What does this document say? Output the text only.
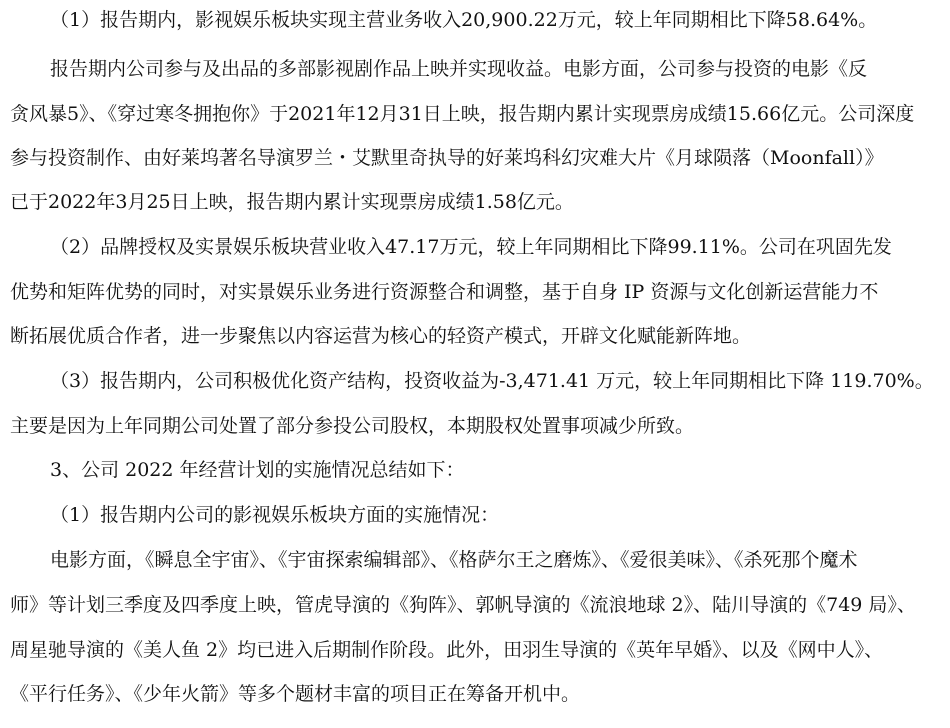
（1）报告期内，影视娱乐板块实现主营业务收入20,900.22万元，较上年同期相比下降58.64%。
报告期内公司参与及出品的多部影视剧作品上映并实现收益。电影方面，公司参与投资的电影《反
贪风暴5》、《穿过寒冬拥抱你》于2021年12月31日上映，报告期内累计实现票房成绩15.66亿元。公司深度
参与投资制作、由好莱坞著名导演罗兰・艾默里奇执导的好莱坞科幻灾难大片《月球陨落（Moonfall）》
已于2022年3月25日上映，报告期内累计实现票房成绩1.58亿元。
（2）品牌授权及实景娱乐板块营业收入47.17万元，较上年同期相比下降99.11%。公司在巩固先发
优势和矩阵优势的同时，对实景娱乐业务进行资源整合和调整，基于自身 IP 资源与文化创新运营能力不
断拓展优质合作者，进一步聚焦以内容运营为核心的轻资产模式，开辟文化赋能新阵地。
（3）报告期内，公司积极优化资产结构，投资收益为-3,471.41 万元，较上年同期相比下降 119.70%。
主要是因为上年同期公司处置了部分参投公司股权，本期股权处置事项减少所致。
3、公司 2022 年经营计划的实施情况总结如下：
（1）报告期内公司的影视娱乐板块方面的实施情况：
电影方面，《瞬息全宇宙》、《宇宙探索编辑部》、《格萨尔王之磨炼》、《爱很美味》、《杀死那个魔术
师》等计划三季度及四季度上映，管虎导演的《狗阵》、郭帆导演的《流浪地球 2》、陆川导演的《749 局》、
周星驰导演的《美人鱼 2》均已进入后期制作阶段。此外，田羽生导演的《英年早婚》、以及《网中人》、
《平行任务》、《少年火箭》等多个题材丰富的项目正在筹备开机中。
